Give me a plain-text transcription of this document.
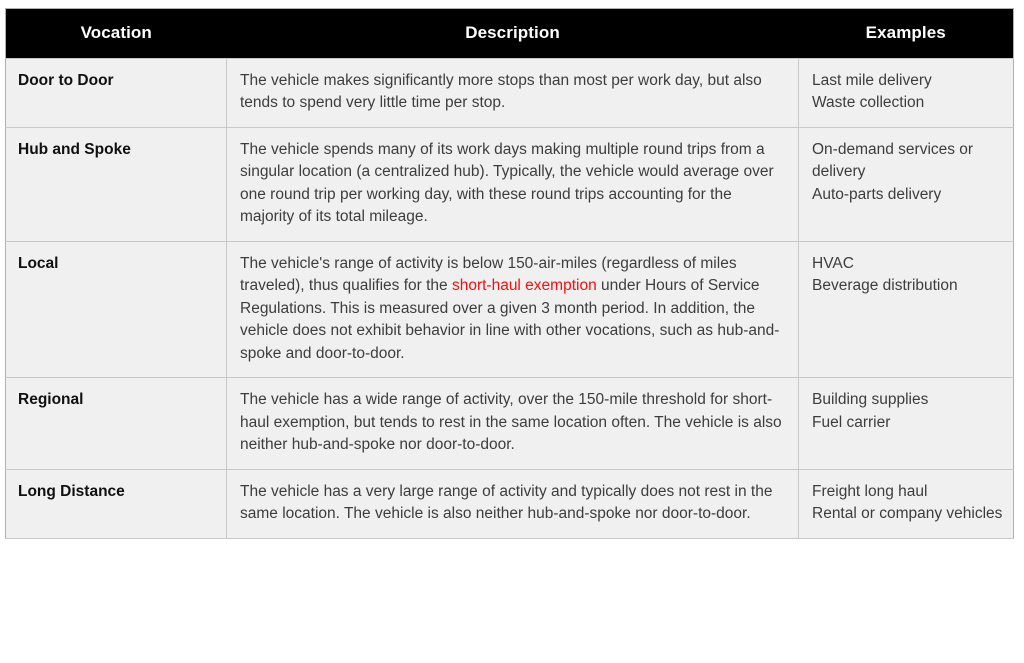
Vocation	Description	Examples
Door to Door	The vehicle makes significantly more stops than most per work day, but also tends to spend very little time per stop.	Last mile delivery
Waste collection

Hub and Spoke	The vehicle spends many of its work days making multiple round trips from a singular location (a centralized hub). Typically, the vehicle would average over one round trip per working day, with these round trips accounting for the majority of its total mileage.	On-demand services or delivery
Auto-parts delivery

Local	The vehicle's range of activity is below 150-air-miles (regardless of miles traveled), thus qualifies for the short-haul exemption under Hours of Service Regulations. This is measured over a given 3 month period. In addition, the vehicle does not exhibit behavior in line with other vocations, such as hub-and-spoke and door-to-door.	HVAC
Beverage distribution

Regional	The vehicle has a wide range of activity, over the 150-mile threshold for short-haul exemption, but tends to rest in the same location often. The vehicle is also neither hub-and-spoke nor door-to-door.	Building supplies
Fuel carrier

Long Distance	The vehicle has a very large range of activity and typically does not rest in the same location. The vehicle is also neither hub-and-spoke nor door-to-door.	Freight long haul
Rental or company vehicles
